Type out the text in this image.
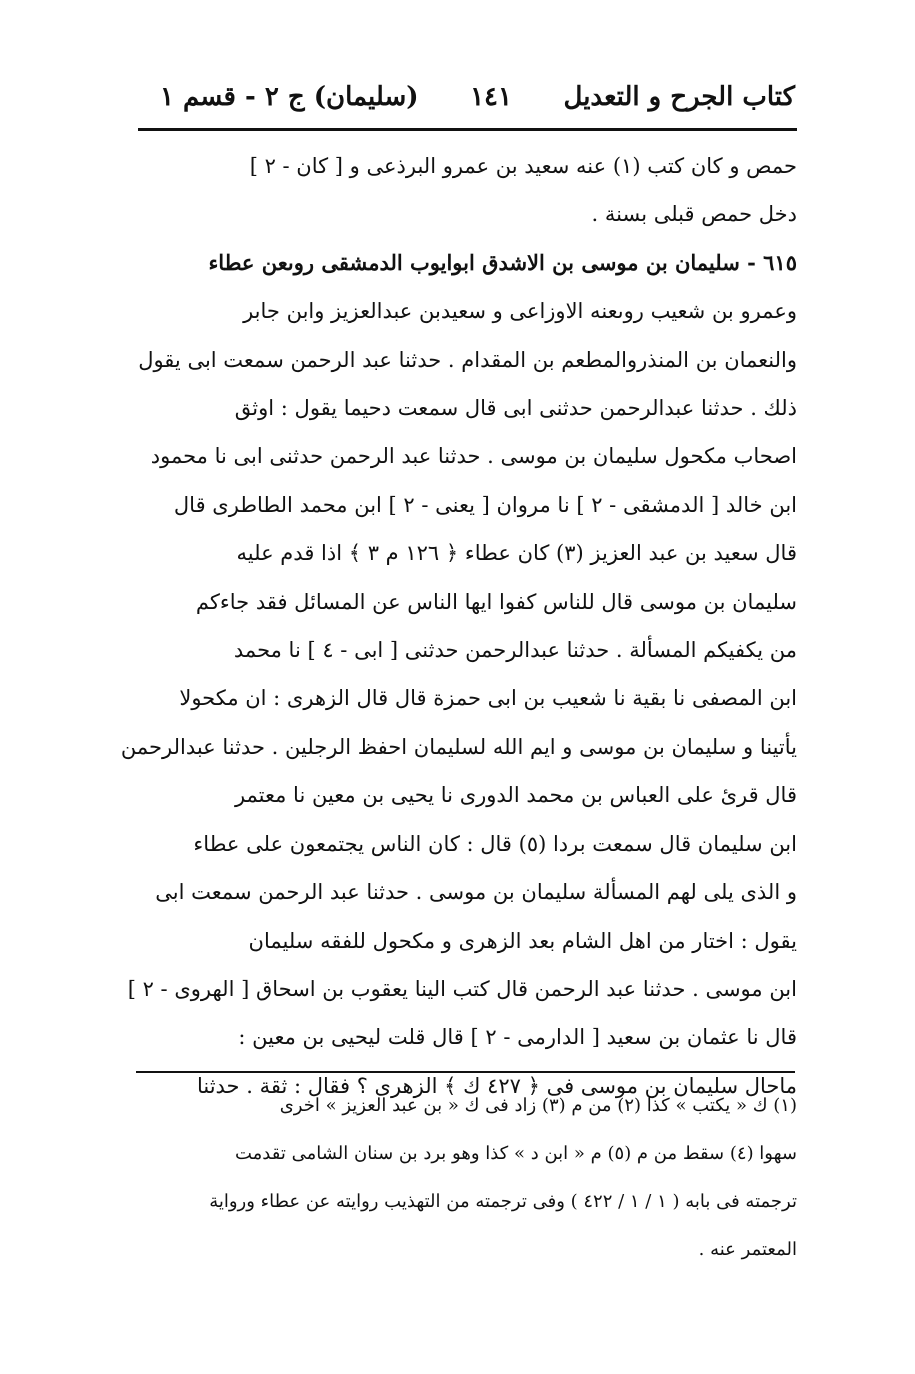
كتاب الجرح و التعديل
١٤١
(سليمان) ج ٢ - قسم ١
حمص و كان كتب (١) عنه سعيد بن عمرو البرذعى و [ كان - ٢ ]
دخل حمص قبلى بسنة .
٦١٥ - سليمان بن موسى بن الاشدق ابوايوب الدمشقى روىعن عطاء
وعمرو بن شعيب روىعنه الاوزاعى و سعيدبن عبدالعزيز وابن جابر
والنعمان بن المنذروالمطعم بن المقدام . حدثنا عبد الرحمن سمعت ابى يقول
ذلك . حدثنا عبدالرحمن حدثنى ابى قال سمعت دحيما يقول : اوثق
اصحاب مكحول سليمان بن موسى . حدثنا عبد الرحمن حدثنى ابى نا محمود
ابن خالد [ الدمشقى - ٢ ] نا مروان [ يعنى - ٢ ] ابن محمد الطاطرى قال
قال سعيد بن عبد العزيز (٣) كان عطاء ﴿ ١٢٦ م ٣ ﴾ اذا قدم عليه
سليمان بن موسى قال للناس كفوا ايها الناس عن المسائل فقد جاءكم
من يكفيكم المسألة . حدثنا عبدالرحمن حدثنى [ ابى - ٤ ] نا محمد
ابن المصفى نا بقية نا شعيب بن ابى حمزة قال قال الزهرى : ان مكحولا
يأتينا و سليمان بن موسى و ايم الله لسليمان احفظ الرجلين . حدثنا عبدالرحمن
قال قرئ على العباس بن محمد الدورى نا يحيى بن معين نا معتمر
ابن سليمان قال سمعت بردا (٥) قال : كان الناس يجتمعون على عطاء
و الذى يلى لهم المسألة سليمان بن موسى . حدثنا عبد الرحمن سمعت ابى
يقول : اختار من اهل الشام بعد الزهرى و مكحول للفقه سليمان
ابن موسى . حدثنا عبد الرحمن قال كتب الينا يعقوب بن اسحاق [ الهروى - ٢ ]
قال نا عثمان بن سعيد [ الدارمى - ٢ ] قال قلت ليحيى بن معين :
ماحال سليمان بن موسى فى ﴿ ٤٢٧ ك ﴾ الزهرى ؟ فقال : ثقة . حدثنا
(١) ك « يكتب » كذا (٢) من م (٣) زاد فى ك « بن عبد العزيز » اخرى
سهوا (٤) سقط من م (٥) م « ابن د » كذا وهو برد بن سنان الشامى تقدمت
ترجمته فى بابه ( ١ / ١ / ٤٢٢ ) وفى ترجمته من التهذيب روايته عن عطاء ورواية
المعتمر عنه .
